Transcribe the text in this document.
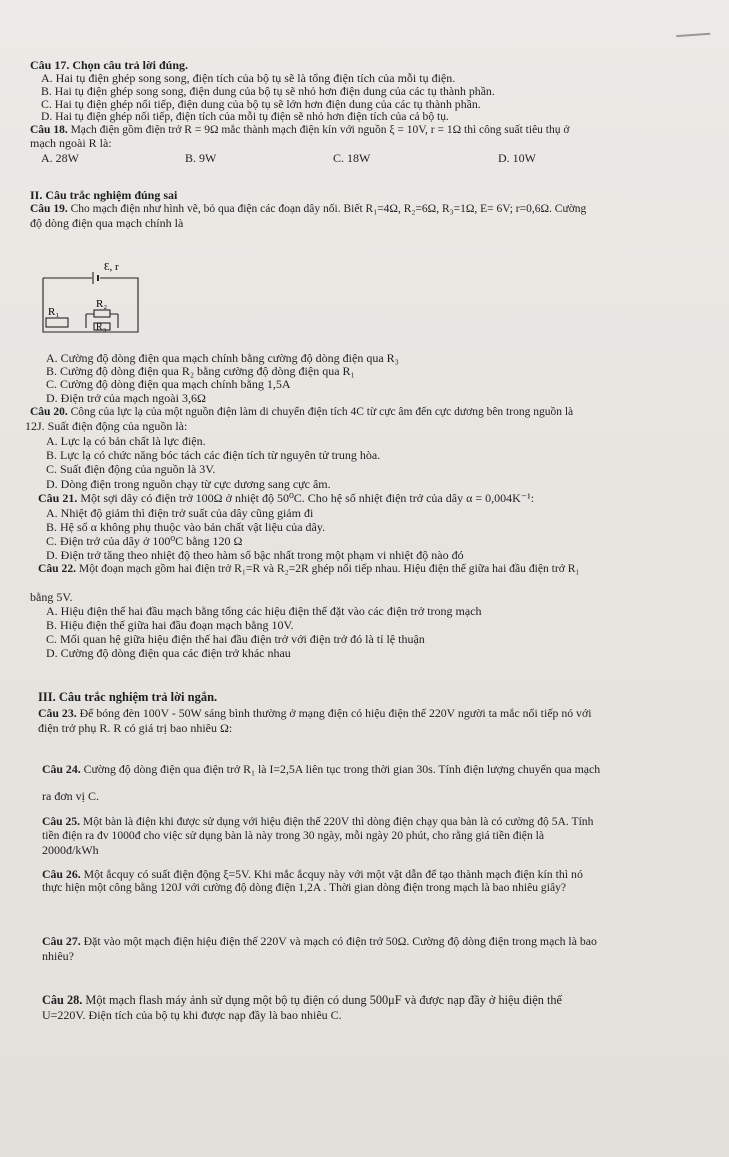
Câu 17. Chọn câu trả lời đúng.
A. Hai tụ điện ghép song song, điện tích của bộ tụ sẽ là tổng điện tích của mỗi tụ điện.
B. Hai tụ điện ghép song song, điện dung của bộ tụ sẽ nhỏ hơn điện dung của các tụ thành phần.
C. Hai tụ điện ghép nối tiếp, điện dung của bộ tụ sẽ lớn hơn điện dung của các tụ thành phần.
D. Hai tụ điện ghép nối tiếp, điện tích của mỗi tụ điện sẽ nhỏ hơn điện tích của cả bộ tụ.
Câu 18. Mạch điện gồm điện trở R = 9Ω mắc thành mạch điện kín với nguồn ξ = 10V, r = 1Ω thì công suất tiêu thụ ở
mạch ngoài R là:
A. 28W	B. 9W	C. 18W	D. 10W
II. Câu trắc nghiệm đúng sai
Câu 19. Cho mạch điện như hình vẽ, bỏ qua điện các đoạn dây nối. Biết R₁=4Ω, R₂=6Ω, R₃=1Ω, E= 6V; r=0,6Ω. Cường
độ dòng điện qua mạch chính là
Ɛ, r
R₁
R₂
R₃
A. Cường độ dòng điện qua mạch chính bằng cường độ dòng điện qua R₃
B. Cường độ dòng điện qua R₂ bằng cường độ dòng điện qua R₁
C. Cường độ dòng điện qua mạch chính bằng 1,5A
D. Điện trở của mạch ngoài 3,6Ω
Câu 20. Công của lực lạ của một nguồn điện làm di chuyển điện tích 4C từ cực âm đến cực dương bên trong nguồn là
12J. Suất điện động của nguồn là:
A. Lực lạ có bản chất là lực điện.
B. Lực lạ có chức năng bóc tách các điện tích từ nguyên tử trung hòa.
C. Suất điện động của nguồn là 3V.
D. Dòng điện trong nguồn chạy từ cực dương sang cực âm.
Câu 21. Một sợi dây có điện trở 100Ω ở nhiệt độ 50⁰C. Cho hệ số nhiệt điện trở của dây α = 0,004K⁻¹:
A. Nhiệt độ giảm thì điện trở suất của dây cũng giảm đi
B. Hệ số α không phụ thuộc vào bản chất vật liệu của dây.
C. Điện trở của dây ở 100⁰C bằng 120 Ω
D. Điện trở tăng theo nhiệt độ theo hàm số bậc nhất trong một phạm vi nhiệt độ nào đó
Câu 22. Một đoạn mạch gồm hai điện trở R₁=R và R₂=2R ghép nối tiếp nhau. Hiệu điện thế giữa hai đầu điện trở R₁
bằng 5V.
A. Hiệu điện thế hai đầu mạch bằng tổng các hiệu điện thế đặt vào các điện trở trong mạch
B. Hiệu điện thế giữa hai đầu đoạn mạch bằng 10V.
C. Mối quan hệ giữa hiệu điện thế hai đầu điện trở với điện trở đó là tỉ lệ thuận
D. Cường độ dòng điện qua các điện trở khác nhau
III. Câu trắc nghiệm trả lời ngắn.
Câu 23. Để bóng đèn 100V - 50W sáng bình thường ở mạng điện có hiệu điện thế 220V người ta mắc nối tiếp nó với
điện trở phụ R. R có giá trị bao nhiêu Ω:
Câu 24. Cường độ dòng điện qua điện trở R₁ là I=2,5A liên tục trong thời gian 30s. Tính điện lượng chuyển qua mạch
ra đơn vị C.
Câu 25. Một bàn là điện khi được sử dụng với hiệu điện thế 220V thì dòng điện chạy qua bàn là có cường độ 5A. Tính
tiền điện ra đv 1000đ cho việc sử dụng bàn là này trong 30 ngày, mỗi ngày 20 phút, cho rằng giá tiền điện là
2000đ/kWh
Câu 26. Một ắcquy có suất điện động ξ=5V. Khi mắc ắcquy này với một vật dẫn để tạo thành mạch điện kín thì nó
thực hiện một công bằng 120J với cường độ dòng điện 1,2A . Thời gian dòng điện trong mạch là bao nhiêu giây?
Câu 27. Đặt vào một mạch điện hiệu điện thế 220V và mạch có điện trở 50Ω. Cường độ dòng điện trong mạch là bao
nhiêu?
Câu 28. Một mạch flash máy ảnh sử dụng một bộ tụ điện có dung 500μF và được nạp đầy ở hiệu điện thế
U=220V. Điện tích của bộ tụ khi được nạp đầy là bao nhiêu C.
